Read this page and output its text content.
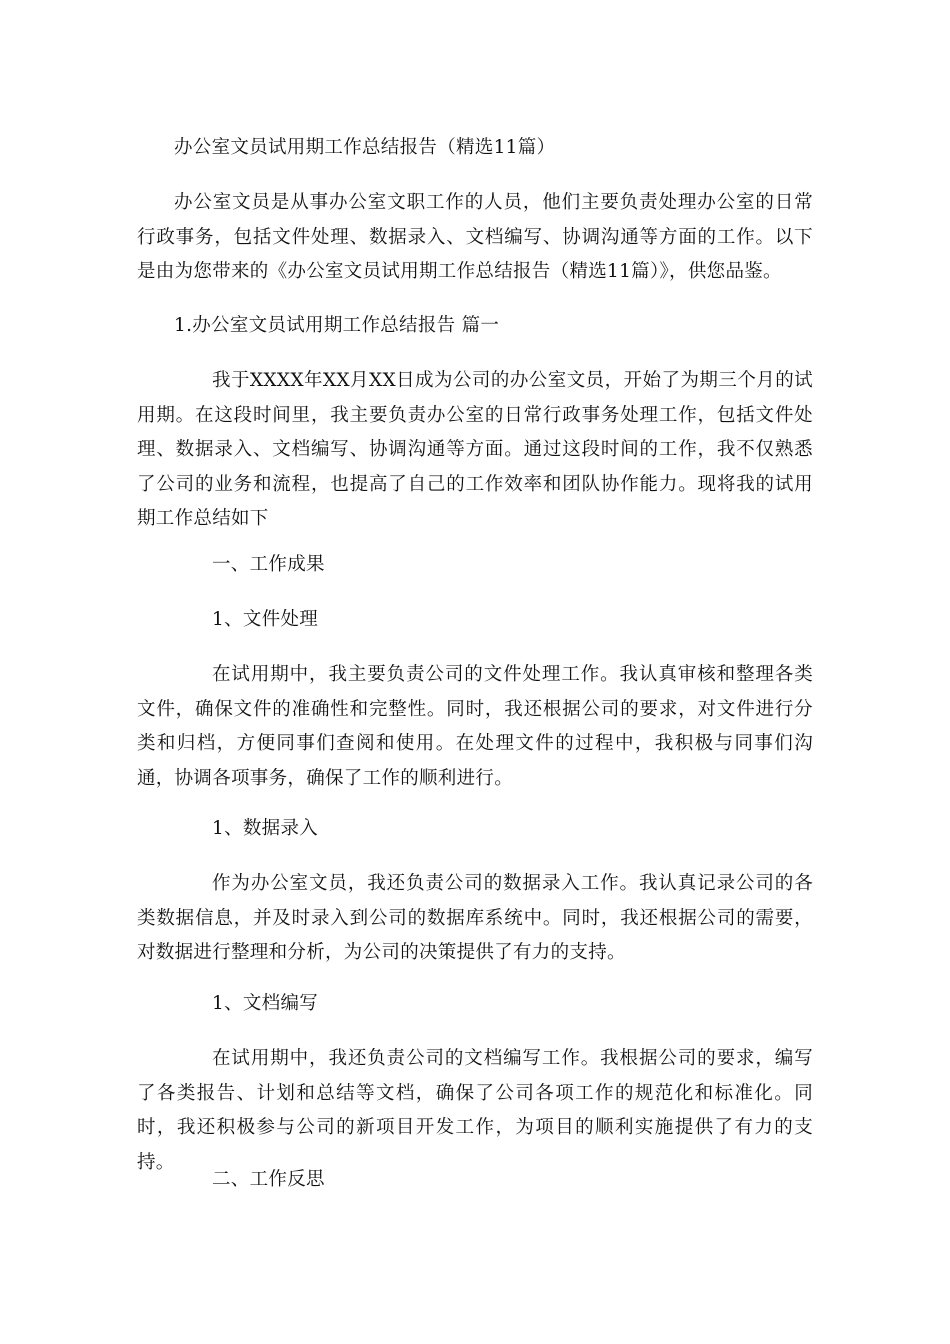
办公室文员试用期工作总结报告（精选11篇）

办公室文员是从事办公室文职工作的人员，他们主要负责处理办公室的日常行政事务，包括文件处理、数据录入、文档编写、协调沟通等方面的工作。以下是由为您带来的《办公室文员试用期工作总结报告（精选11篇）》，供您品鉴。

1.办公室文员试用期工作总结报告 篇一

我于XXXX年XX月XX日成为公司的办公室文员，开始了为期三个月的试用期。在这段时间里，我主要负责办公室的日常行政事务处理工作，包括文件处理、数据录入、文档编写、协调沟通等方面。通过这段时间的工作，我不仅熟悉了公司的业务和流程，也提高了自己的工作效率和团队协作能力。现将我的试用期工作总结如下

一、工作成果

1、文件处理

在试用期中，我主要负责公司的文件处理工作。我认真审核和整理各类文件，确保文件的准确性和完整性。同时，我还根据公司的要求，对文件进行分类和归档，方便同事们查阅和使用。在处理文件的过程中，我积极与同事们沟通，协调各项事务，确保了工作的顺利进行。

1、数据录入

作为办公室文员，我还负责公司的数据录入工作。我认真记录公司的各类数据信息，并及时录入到公司的数据库系统中。同时，我还根据公司的需要，对数据进行整理和分析，为公司的决策提供了有力的支持。

1、文档编写

在试用期中，我还负责公司的文档编写工作。我根据公司的要求，编写了各类报告、计划和总结等文档，确保了公司各项工作的规范化和标准化。同时，我还积极参与公司的新项目开发工作，为项目的顺利实施提供了有力的支持。

二、工作反思
